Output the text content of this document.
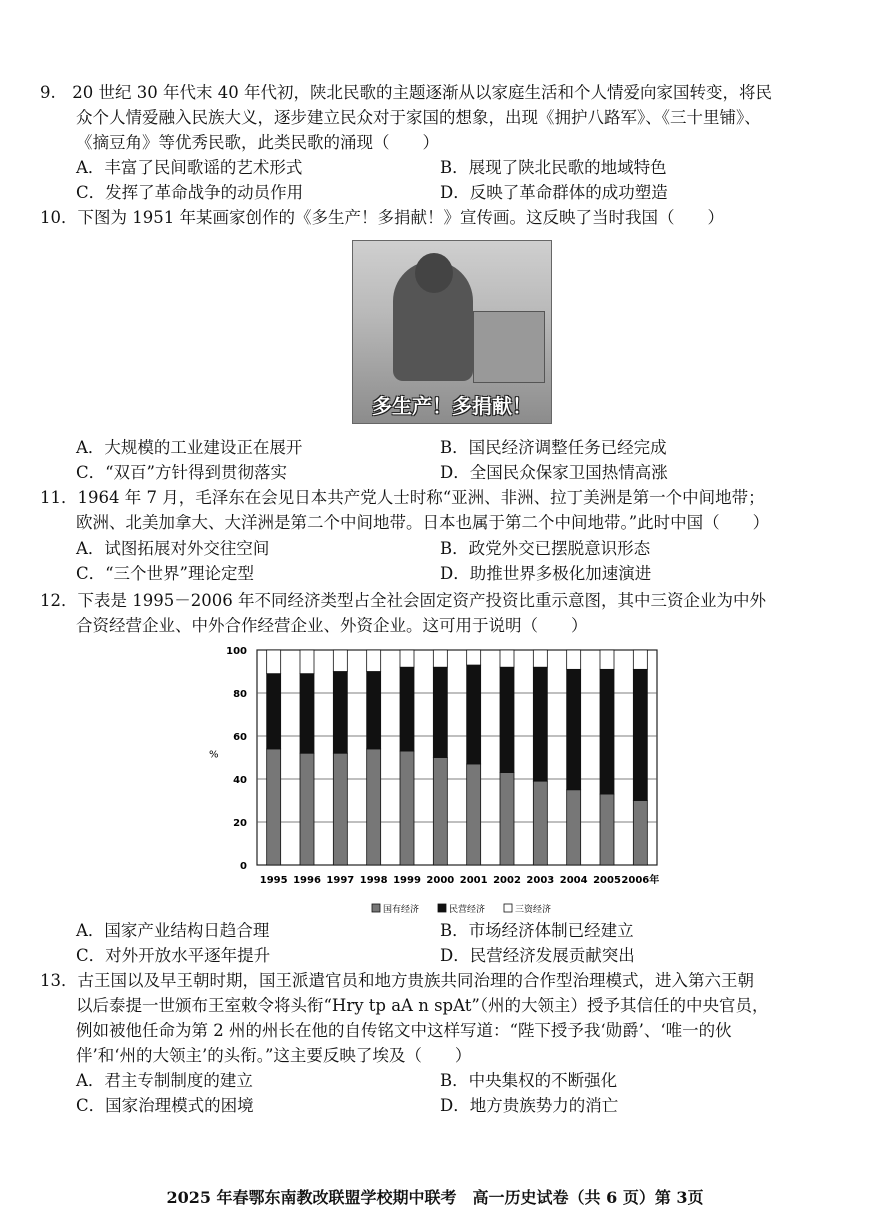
9.　20 世纪 30 年代末 40 年代初，陕北民歌的主题逐渐从以家庭生活和个人情爱向家国转变，将民
众个人情爱融入民族大义，逐步建立民众对于家国的想象，出现《拥护八路军》、《三十里铺》、
《摘豆角》等优秀民歌，此类民歌的涌现（　　）
A．丰富了民间歌谣的艺术形式	B．展现了陕北民歌的地域特色
C．发挥了革命战争的动员作用	D．反映了革命群体的成功塑造
10．下图为 1951 年某画家创作的《多生产！多捐献！》宣传画。这反映了当时我国（　　）
多生产！多捐献！
A．大规模的工业建设正在展开	B．国民经济调整任务已经完成
C．“双百”方针得到贯彻落实	D．全国民众保家卫国热情高涨
11．1964 年 7 月，毛泽东在会见日本共产党人士时称“亚洲、非洲、拉丁美洲是第一个中间地带；
欧洲、北美加拿大、大洋洲是第二个中间地带。日本也属于第二个中间地带。”此时中国（　　）
A．试图拓展对外交往空间	B．政党外交已摆脱意识形态
C．“三个世界”理论定型	D．助推世界多极化加速演进
12．下表是 1995－2006 年不同经济类型占全社会固定资产投资比重示意图，其中三资企业为中外
合资经营企业、中外合作经营企业、外资企业。这可用于说明（　　）
0
20
40
60
80
100
%
1995 1996 1997 1998 1999 2000 2001 2002 2003 2004 2005 2006年
国有经济	民营经济	三资经济
A．国家产业结构日趋合理	B．市场经济体制已经建立
C．对外开放水平逐年提升	D．民营经济发展贡献突出
13．古王国以及早王朝时期，国王派遣官员和地方贵族共同治理的合作型治理模式，进入第六王朝
以后泰提一世颁布王室敕令将头衔“Hry tp aA n spAt”（州的大领主）授予其信任的中央官员，
例如被他任命为第 2 州的州长在他的自传铭文中这样写道：“陛下授予我‘勋爵’、‘唯一的伙
伴’和‘州的大领主’的头衔。”这主要反映了埃及（　　）
A．君主专制制度的建立	B．中央集权的不断强化
C．国家治理模式的困境	D．地方贵族势力的消亡
2025 年春鄂东南教改联盟学校期中联考　高一历史试卷（共 6 页）第 3页
